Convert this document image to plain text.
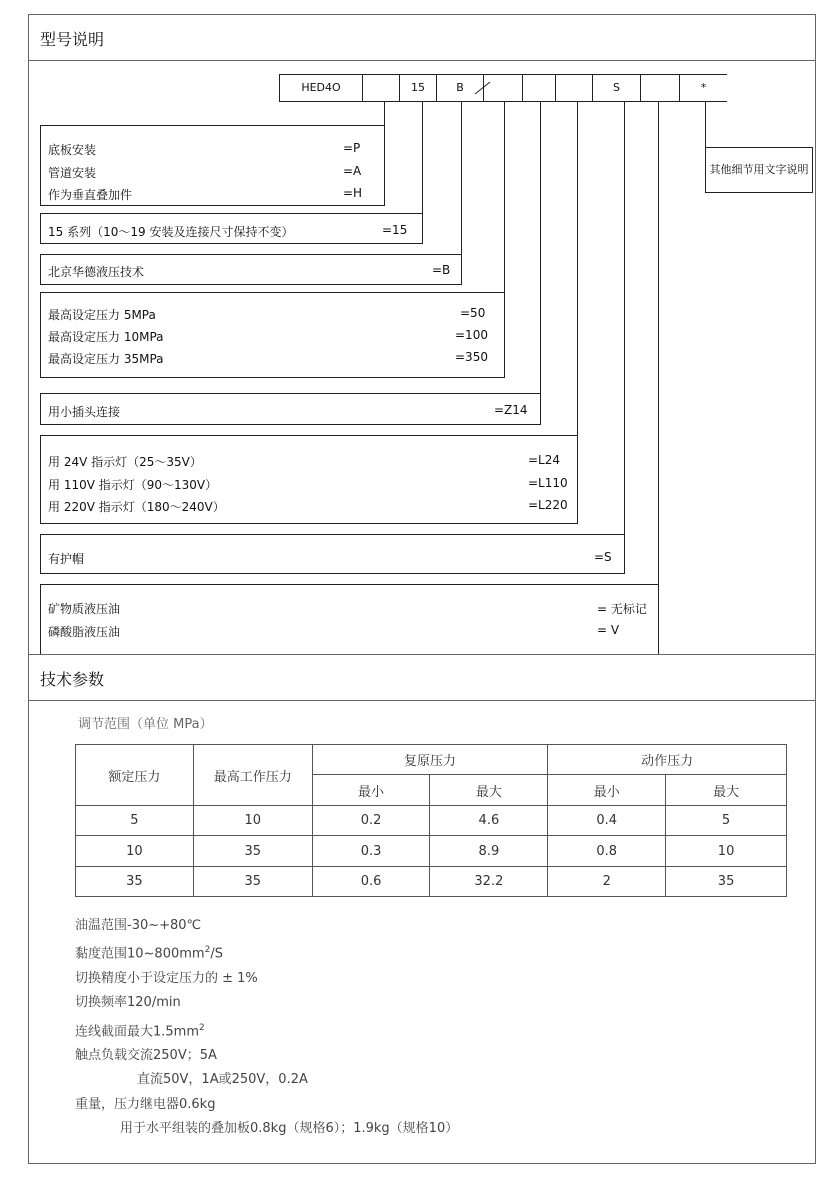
型号说明
HED4O	15	B	S	*
其他细节用文字说明
底板安装	=P
管道安装	=A
作为垂直叠加件	=H
15 系列（10～19 安装及连接尺寸保持不变）	=15
北京华德液压技术	=B
最高设定压力 5MPa	=50
最高设定压力 10MPa	=100
最高设定压力 35MPa	=350
用小插头连接	=Z14
用 24V 指示灯（25～35V）	=L24
用 110V 指示灯（90～130V）	=L110
用 220V 指示灯（180～240V）	=L220
有护帽	=S
矿物质液压油	= 无标记
磷酸脂液压油	= V
技术参数
调节范围（单位 MPa）
额定压力	最高工作压力	复原压力		动作压力	
		最小	最大	最小	最大
5	10	0.2	4.6	0.4	5
10	35	0.3	8.9	0.8	10
35	35	0.6	32.2	2	35
油温范围-30~+80℃
黏度范围$10\sim 800mm^2/S$
切换精度小于设定压力的 ± 1%
切换频率120/min
连线截面最大$1.5mm^2$
触点负载交流250V；5A
直流50V，1A或250V，0.2A
重量，压力继电器0.6kg
用于水平组装的叠加板0.8kg（规格6）；1.9kg（规格10）
